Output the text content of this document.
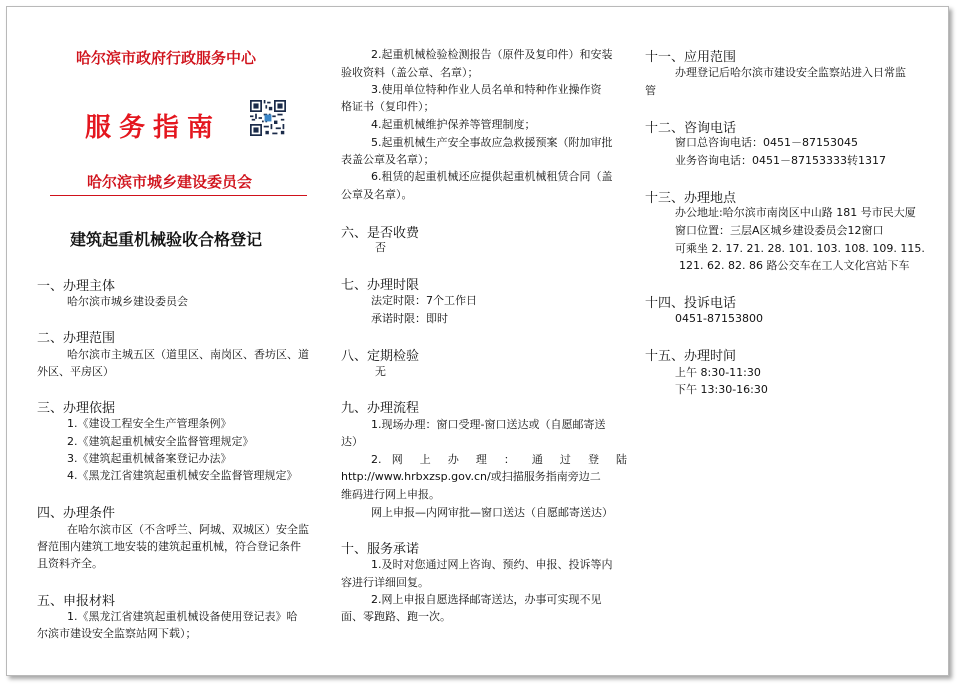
哈尔滨市政府行政服务中心
服务指南
哈尔滨市城乡建设委员会
建筑起重机械验收合格登记
一、办理主体
哈尔滨市城乡建设委员会
二、办理范围
哈尔滨市主城五区（道里区、南岗区、香坊区、道
外区、平房区）
三、办理依据
1.《建设工程安全生产管理条例》
2.《建筑起重机械安全监督管理规定》
3.《建筑起重机械备案登记办法》
4.《黑龙江省建筑起重机械安全监督管理规定》
四、办理条件
在哈尔滨市区（不含呼兰、阿城、双城区）安全监
督范围内建筑工地安装的建筑起重机械，符合登记条件
且资料齐全。
五、申报材料
1.《黑龙江省建筑起重机械设备使用登记表》哈
尔滨市建设安全监察站网下载）；
2.起重机械检验检测报告（原件及复印件）和安装
验收资料（盖公章、名章）；
3.使用单位特种作业人员名单和特种作业操作资
格证书（复印件）；
4.起重机械维护保养等管理制度；
5.起重机械生产安全事故应急救援预案（附加审批
表盖公章及名章）；
6.租赁的起重机械还应提供起重机械租赁合同（盖
公章及名章）。
六、是否收费
否
七、办理时限
法定时限：7个工作日
承诺时限：即时
八、定期检验
无
九、办理流程
1.现场办理：窗口受理-窗口送达或（自愿邮寄送
达）
2. 网 上 办 理 ： 通 过 登 陆
http://www.hrbxzsp.gov.cn/或扫描服务指南旁边二
维码进行网上申报。
网上申报—内网审批—窗口送达（自愿邮寄送达）
十、服务承诺
1.及时对您通过网上咨询、预约、申报、投诉等内
容进行详细回复。
2.网上申报自愿选择邮寄送达，办事可实现不见
面、零跑路、跑一次。
十一、应用范围
办理登记后哈尔滨市建设安全监察站进入日常监
管
十二、咨询电话
窗口总咨询电话：0451－87153045
业务咨询电话：0451－87153333转1317
十三、办理地点
办公地址:哈尔滨市南岗区中山路 181 号市民大厦
窗口位置：三层A区城乡建设委员会12窗口
可乘坐 2. 17. 21. 28. 101. 103. 108. 109. 115.
121. 62. 82. 86 路公交车在工人文化宫站下车
十四、投诉电话
0451-87153800
十五、办理时间
上午 8:30-11:30
下午 13:30-16:30
